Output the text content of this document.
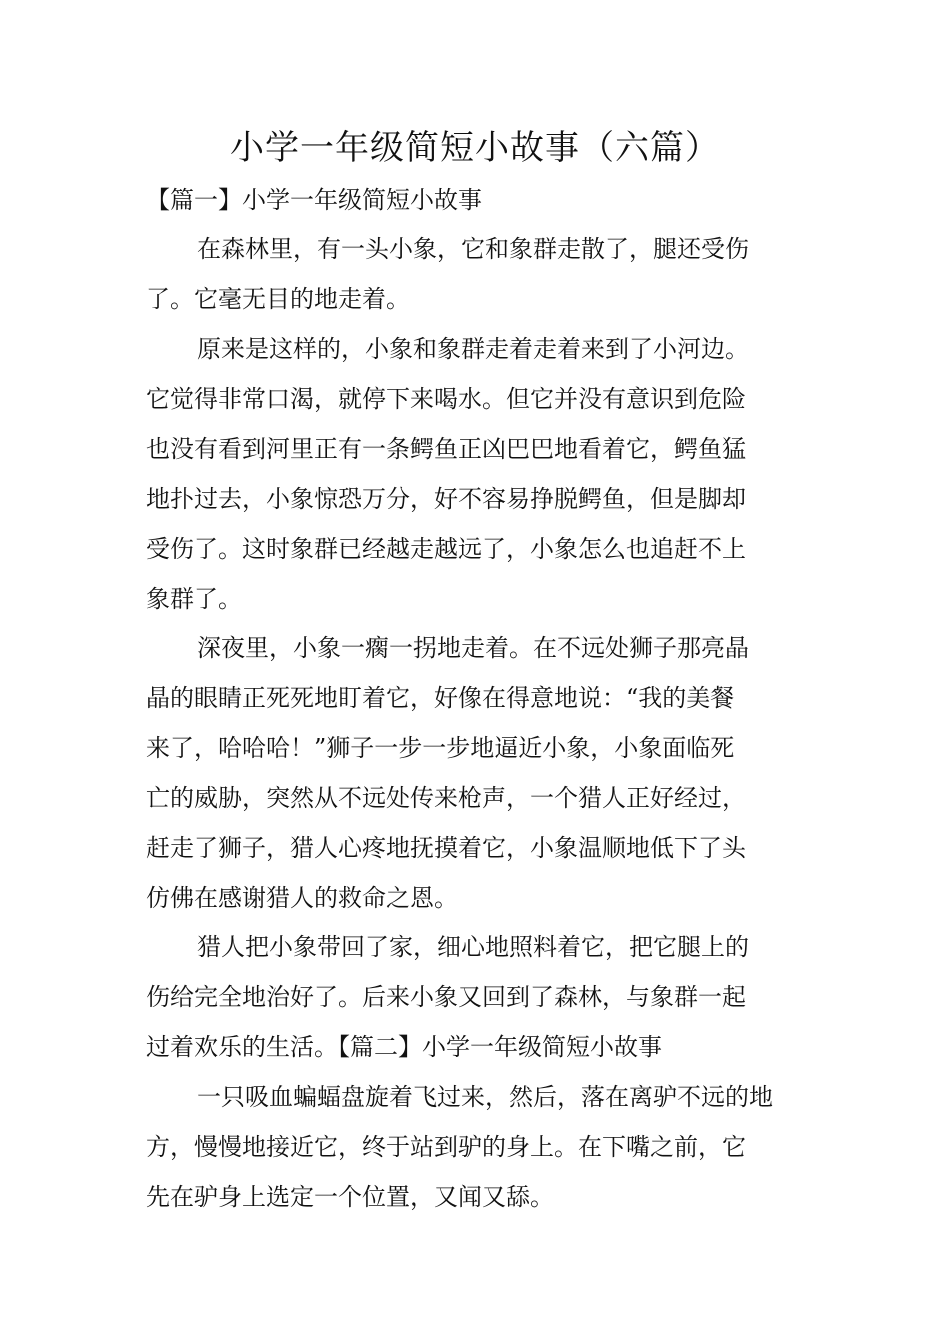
小学一年级简短小故事（六篇）
【篇一】小学一年级简短小故事
在森林里，有一头小象，它和象群走散了，腿还受伤
了。它毫无目的地走着。
原来是这样的，小象和象群走着走着来到了小河边。
它觉得非常口渴，就停下来喝水。但它并没有意识到危险
也没有看到河里正有一条鳄鱼正凶巴巴地看着它，鳄鱼猛
地扑过去，小象惊恐万分，好不容易挣脱鳄鱼，但是脚却
受伤了。这时象群已经越走越远了，小象怎么也追赶不上
象群了。
深夜里，小象一瘸一拐地走着。在不远处狮子那亮晶
晶的眼睛正死死地盯着它，好像在得意地说：“我的美餐
来了，哈哈哈！”狮子一步一步地逼近小象，小象面临死
亡的威胁，突然从不远处传来枪声，一个猎人正好经过，
赶走了狮子，猎人心疼地抚摸着它，小象温顺地低下了头
仿佛在感谢猎人的救命之恩。
猎人把小象带回了家，细心地照料着它，把它腿上的
伤给完全地治好了。后来小象又回到了森林，与象群一起
过着欢乐的生活。【篇二】小学一年级简短小故事
一只吸血蝙蝠盘旋着飞过来，然后，落在离驴不远的地
方，慢慢地接近它，终于站到驴的身上。在下嘴之前，它
先在驴身上选定一个位置，又闻又舔。
